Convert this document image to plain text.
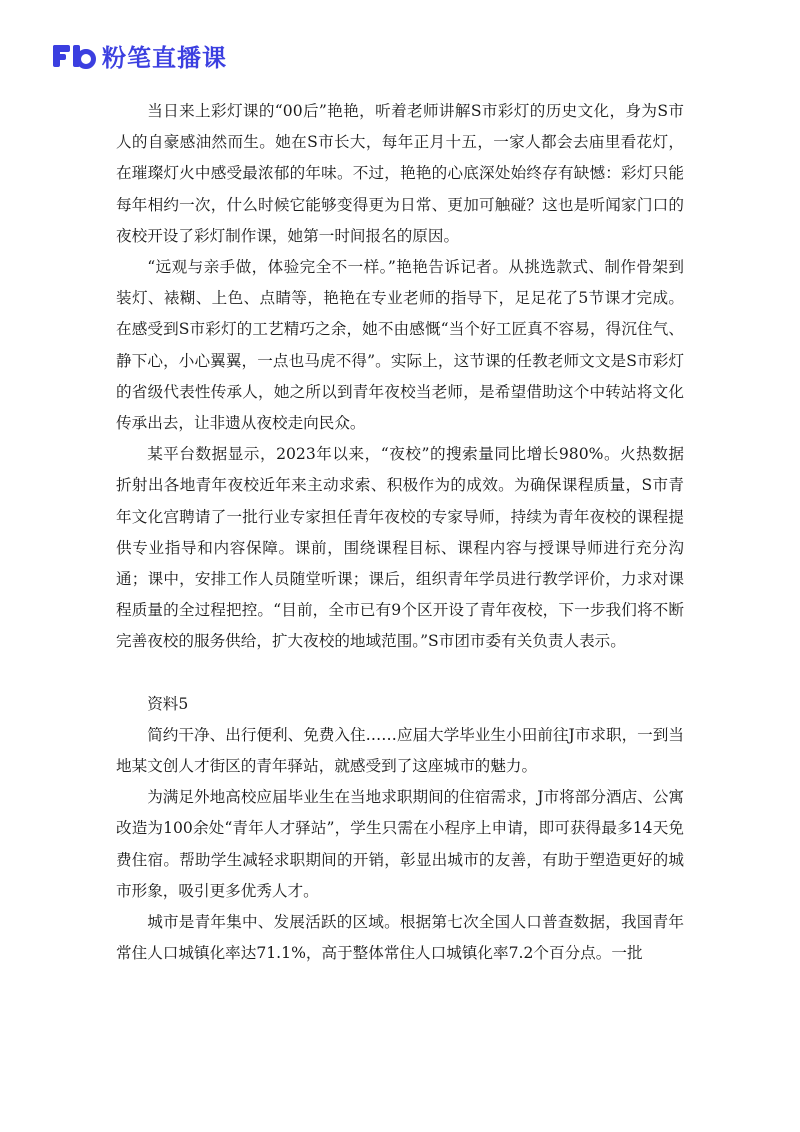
粉笔直播课

当日来上彩灯课的“00后”艳艳，听着老师讲解S市彩灯的历史文化，身为S市人的自豪感油然而生。她在S市长大，每年正月十五，一家人都会去庙里看花灯，在璀璨灯火中感受最浓郁的年味。不过，艳艳的心底深处始终存有缺憾：彩灯只能每年相约一次，什么时候它能够变得更为日常、更加可触碰？这也是听闻家门口的夜校开设了彩灯制作课，她第一时间报名的原因。

“远观与亲手做，体验完全不一样。”艳艳告诉记者。从挑选款式、制作骨架到装灯、裱糊、上色、点睛等，艳艳在专业老师的指导下，足足花了5节课才完成。在感受到S市彩灯的工艺精巧之余，她不由感慨“当个好工匠真不容易，得沉住气、静下心，小心翼翼，一点也马虎不得”。实际上，这节课的任教老师文文是S市彩灯的省级代表性传承人，她之所以到青年夜校当老师，是希望借助这个中转站将文化传承出去，让非遗从夜校走向民众。

某平台数据显示，2023年以来，“夜校”的搜索量同比增长980%。火热数据折射出各地青年夜校近年来主动求索、积极作为的成效。为确保课程质量，S市青年文化宫聘请了一批行业专家担任青年夜校的专家导师，持续为青年夜校的课程提供专业指导和内容保障。课前，围绕课程目标、课程内容与授课导师进行充分沟通；课中，安排工作人员随堂听课；课后，组织青年学员进行教学评价，力求对课程质量的全过程把控。“目前，全市已有9个区开设了青年夜校，下一步我们将不断完善夜校的服务供给，扩大夜校的地域范围。”S市团市委有关负责人表示。

资料5

简约干净、出行便利、免费入住……应届大学毕业生小田前往J市求职，一到当地某文创人才街区的青年驿站，就感受到了这座城市的魅力。

为满足外地高校应届毕业生在当地求职期间的住宿需求，J市将部分酒店、公寓改造为100余处“青年人才驿站”，学生只需在小程序上申请，即可获得最多14天免费住宿。帮助学生减轻求职期间的开销，彰显出城市的友善，有助于塑造更好的城市形象，吸引更多优秀人才。

城市是青年集中、发展活跃的区域。根据第七次全国人口普查数据，我国青年常住人口城镇化率达71.1%，高于整体常住人口城镇化率7.2个百分点。一批
